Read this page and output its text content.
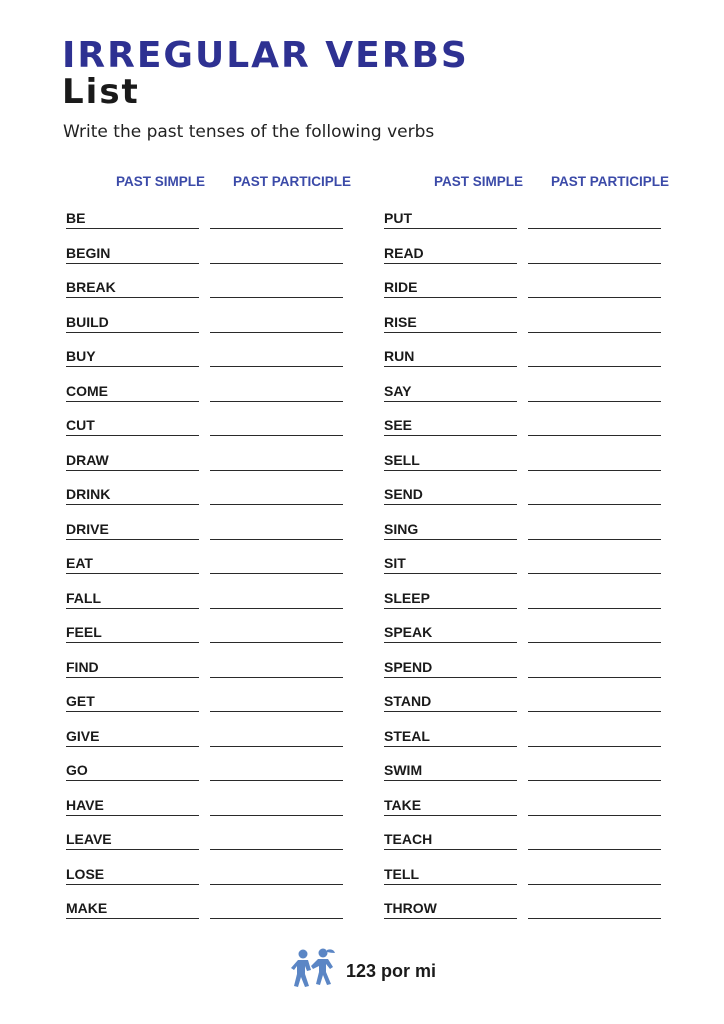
IRREGULAR VERBS
List

Write the past tenses of the following verbs

PAST SIMPLE PAST PARTICIPLE
BE
BEGIN
BREAK
BUILD
BUY
COME
CUT
DRAW
DRINK
DRIVE
EAT
FALL
FEEL
FIND
GET
GIVE
GO
HAVE
LEAVE
LOSE
MAKE
PAST SIMPLE PAST PARTICIPLE
PUT
READ
RIDE
RISE
RUN
SAY
SEE
SELL
SEND
SING
SIT
SLEEP
SPEAK
SPEND
STAND
STEAL
SWIM
TAKE
TEACH
TELL
THROW
123 por mi
